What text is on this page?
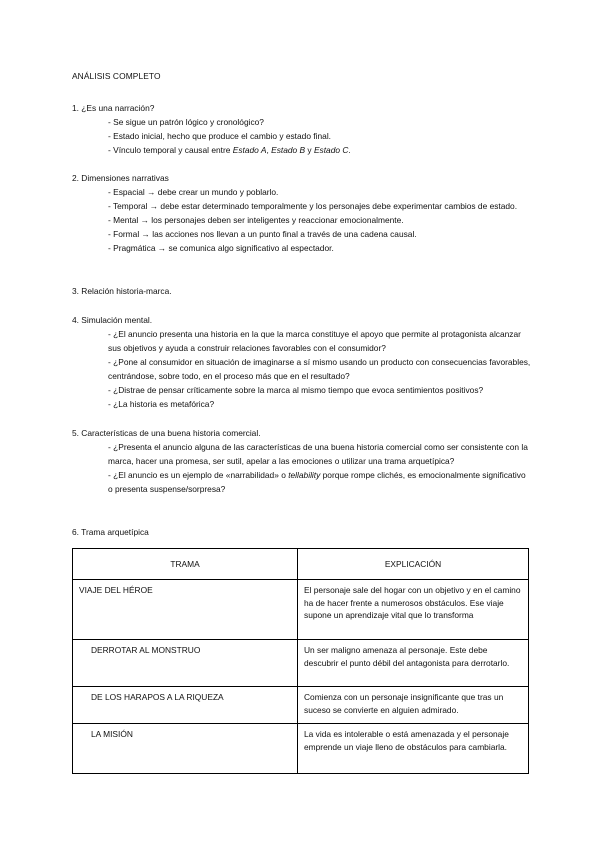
ANÁLISIS COMPLETO
1. ¿Es una narración?
- Se sigue un patrón lógico y cronológico?
- Estado inicial, hecho que produce el cambio y estado final.
- Vínculo temporal y causal entre Estado A, Estado B y Estado C.
2. Dimensiones narrativas
- Espacial → debe crear un mundo y poblarlo.
- Temporal → debe estar determinado temporalmente y los personajes debe experimentar cambios de estado.
- Mental → los personajes deben ser inteligentes y reaccionar emocionalmente.
- Formal → las acciones nos llevan a un punto final a través de una cadena causal.
- Pragmática → se comunica algo significativo al espectador.
3. Relación historia-marca.
4. Simulación mental.
- ¿El anuncio presenta una historia en la que la marca constituye el apoyo que permite al protagonista alcanzar sus objetivos y ayuda a construir relaciones favorables con el consumidor?
- ¿Pone al consumidor en situación de imaginarse a sí mismo usando un producto con consecuencias favorables, centrándose, sobre todo, en el proceso más que en el resultado?
- ¿Distrae de pensar críticamente sobre la marca al mismo tiempo que evoca sentimientos positivos?
- ¿La historia es metafórica?
5. Características de una buena historia comercial.
- ¿Presenta el anuncio alguna de las características de una buena historia comercial como ser consistente con la marca, hacer una promesa, ser sutil, apelar a las emociones o utilizar una trama arquetípica?
- ¿El anuncio es un ejemplo de «narrabilidad» o tellability porque rompe clichés, es emocionalmente significativo o presenta suspense/sorpresa?
6. Trama arquetípica
TRAMA	EXPLICACIÓN
VIAJE DEL HÉROE	El personaje sale del hogar con un objetivo y en el camino ha de hacer frente a numerosos obstáculos. Ese viaje supone un aprendizaje vital que lo transforma
DERROTAR AL MONSTRUO	Un ser maligno amenaza al personaje. Este debe descubrir el punto débil del antagonista para derrotarlo.
DE LOS HARAPOS A LA RIQUEZA	Comienza con un personaje insignificante que tras un suceso se convierte en alguien admirado.
LA MISIÓN	La vida es intolerable o está amenazada y el personaje emprende un viaje lleno de obstáculos para cambiarla.
